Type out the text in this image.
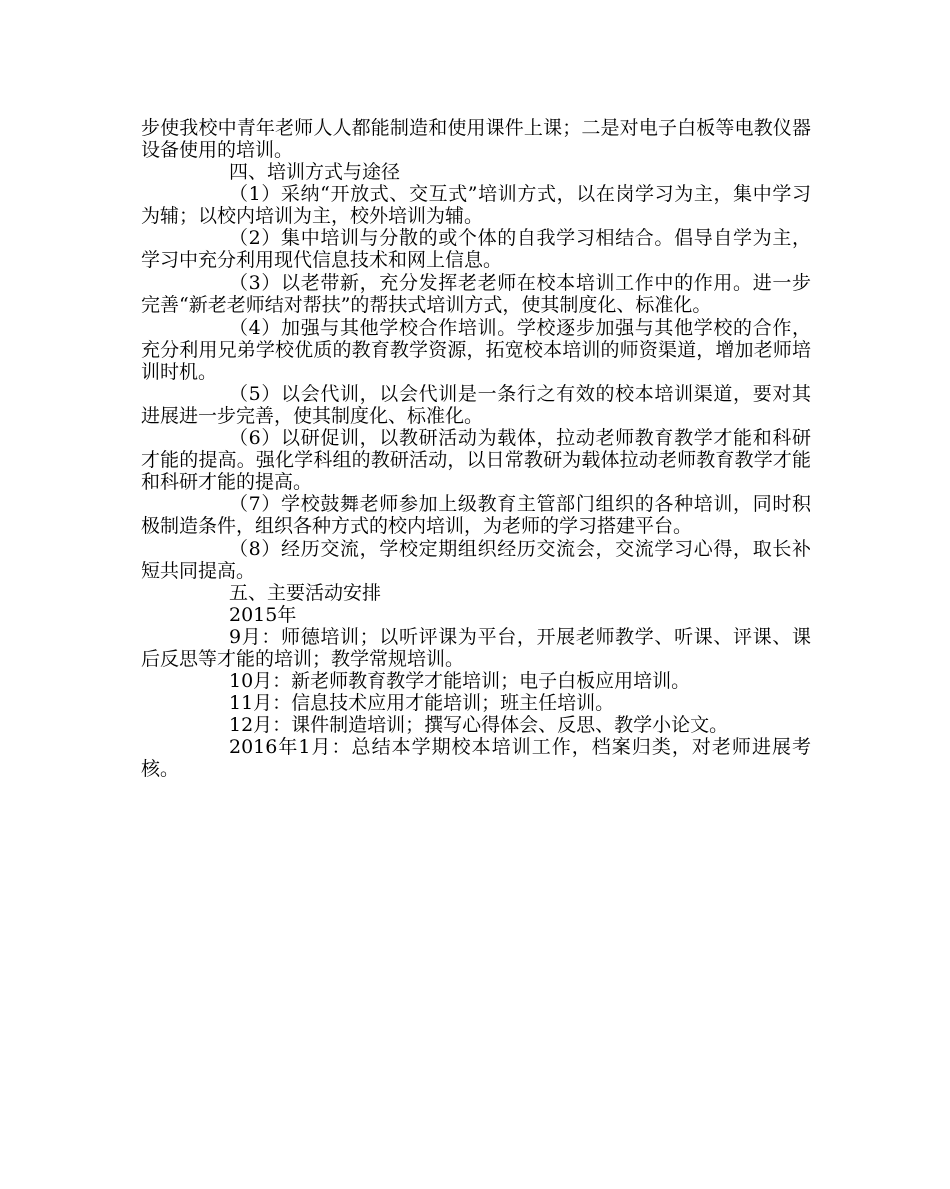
步使我校中青年老师人人都能制造和使用课件上课；二是对电子白板等电教仪器设备使用的培训。

四、培训方式与途径

（1）采纳“开放式、交互式”培训方式，以在岗学习为主，集中学习为辅；以校内培训为主，校外培训为辅。

（2）集中培训与分散的或个体的自我学习相结合。倡导自学为主，学习中充分利用现代信息技术和网上信息。

（3）以老带新，充分发挥老老师在校本培训工作中的作用。进一步完善“新老老师结对帮扶”的帮扶式培训方式，使其制度化、标准化。

（4）加强与其他学校合作培训。学校逐步加强与其他学校的合作，充分利用兄弟学校优质的教育教学资源，拓宽校本培训的师资渠道，增加老师培训时机。

（5）以会代训，以会代训是一条行之有效的校本培训渠道，要对其进展进一步完善，使其制度化、标准化。

（6）以研促训，以教研活动为载体，拉动老师教育教学才能和科研才能的提高。强化学科组的教研活动，以日常教研为载体拉动老师教育教学才能和科研才能的提高。

（7）学校鼓舞老师参加上级教育主管部门组织的各种培训，同时积极制造条件，组织各种方式的校内培训，为老师的学习搭建平台。

（8）经历交流，学校定期组织经历交流会，交流学习心得，取长补短共同提高。

五、主要活动安排

2015年

9月：师德培训；以听评课为平台，开展老师教学、听课、评课、课后反思等才能的培训；教学常规培训。

10月：新老师教育教学才能培训；电子白板应用培训。

11月：信息技术应用才能培训；班主任培训。

12月：课件制造培训；撰写心得体会、反思、教学小论文。

2016年1月：总结本学期校本培训工作，档案归类，对老师进展考核。
